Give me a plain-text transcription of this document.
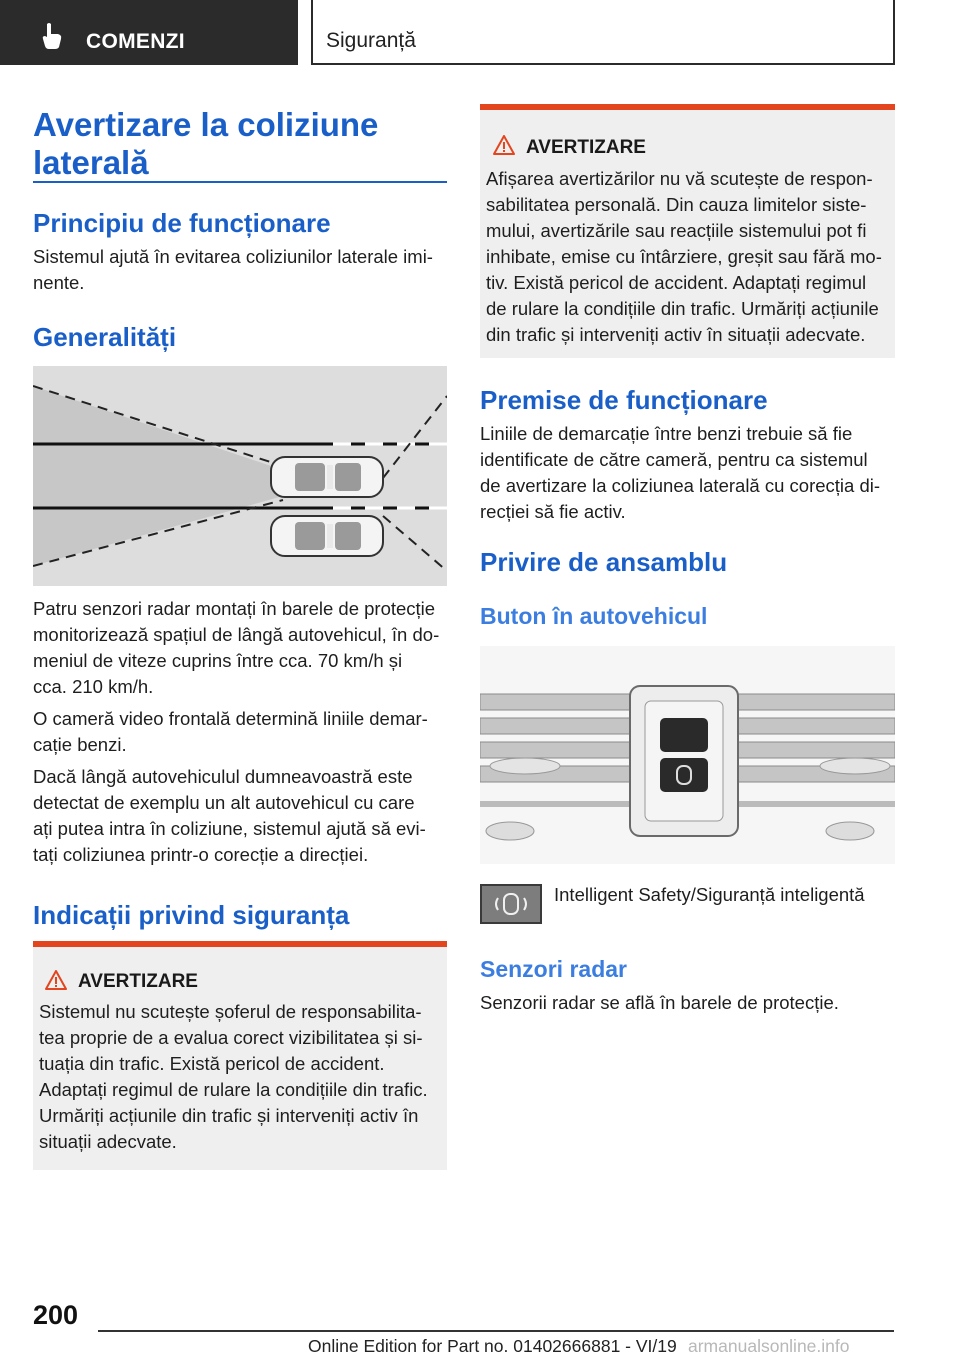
COMENZI	Siguranță
Avertizare la coliziune
laterală
Principiu de funcționare
Sistemul ajută în evitarea coliziunilor laterale imi-
nente.
Generalități
Patru senzori radar montați în barele de protecție
monitorizează spațiul de lângă autovehicul, în do-
meniul de viteze cuprins între cca. 70 km/h și
cca. 210 km/h.
O cameră video frontală determină liniile demar-
cație benzi.
Dacă lângă autovehiculul dumneavoastră este
detectat de exemplu un alt autovehicul cu care
ați putea intra în coliziune, sistemul ajută să evi-
tați coliziunea printr-o corecție a direcției.
Indicații privind siguranța
AVERTIZARE
Sistemul nu scutește șoferul de responsabilita-
tea proprie de a evalua corect vizibilitatea și si-
tuația din trafic. Există pericol de accident.
Adaptați regimul de rulare la condițiile din trafic.
Urmăriți acțiunile din trafic și interveniți activ în
situații adecvate.
AVERTIZARE
Afișarea avertizărilor nu vă scutește de respon-
sabilitatea personală. Din cauza limitelor siste-
mului, avertizările sau reacțiile sistemului pot fi
inhibate, emise cu întârziere, greșit sau fără mo-
tiv. Există pericol de accident. Adaptați regimul
de rulare la condițiile din trafic. Urmăriți acțiunile
din trafic și interveniți activ în situații adecvate.
Premise de funcționare
Liniile de demarcație între benzi trebuie să fie
identificate de către cameră, pentru ca sistemul
de avertizare la coliziunea laterală cu corecția di-
recției să fie activ.
Privire de ansamblu
Buton în autovehicul
Intelligent Safety/Siguranță inteligentă
Senzori radar
Senzorii radar se află în barele de protecție.
200
Online Edition for Part no. 01402666881 - VI/19 armanualsonline.info
